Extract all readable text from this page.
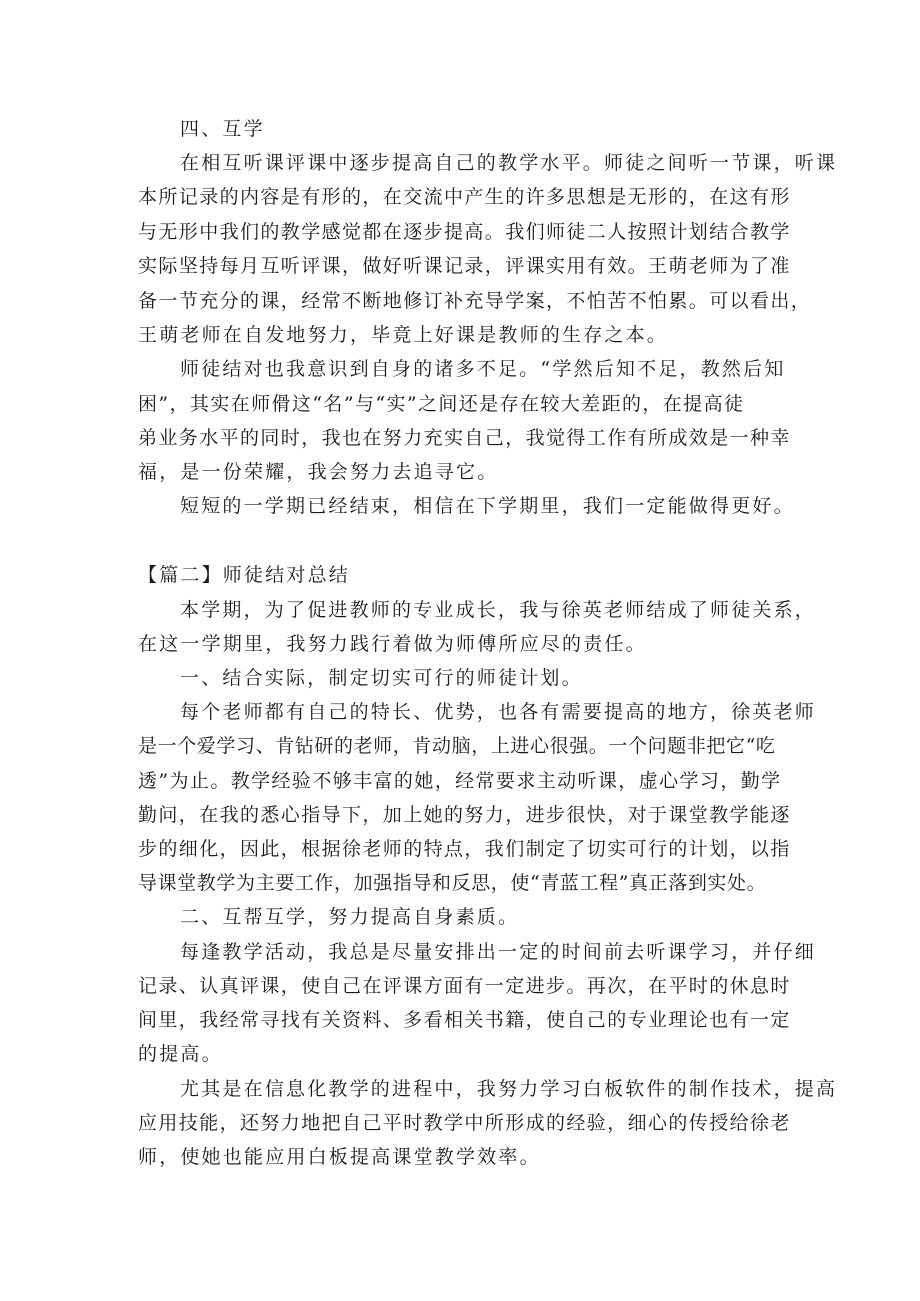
四、互学
在相互听课评课中逐步提高自己的教学水平。师徒之间听一节课，听课
本所记录的内容是有形的，在交流中产生的许多思想是无形的，在这有形
与无形中我们的教学感觉都在逐步提高。我们师徒二人按照计划结合教学
实际坚持每月互听评课，做好听课记录，评课实用有效。王萌老师为了准
备一节充分的课，经常不断地修订补充导学案，不怕苦不怕累。可以看出，
王萌老师在自发地努力，毕竟上好课是教师的生存之本。
师徒结对也我意识到自身的诸多不足。“学然后知不足，教然后知
困”，其实在师傦这“名”与“实”之间还是存在较大差距的，在提高徒
弟业务水平的同时，我也在努力充实自己，我觉得工作有所成效是一种幸
福，是一份荣耀，我会努力去追寻它。
短短的一学期已经结束，相信在下学期里，我们一定能做得更好。
【篇二】师徒结对总结
本学期，为了促进教师的专业成长，我与徐英老师结成了师徒关系，
在这一学期里，我努力践行着做为师傅所应尽的责任。
一、结合实际，制定切实可行的师徒计划。
每个老师都有自己的特长、优势，也各有需要提高的地方，徐英老师
是一个爱学习、肯钻研的老师，肯动脑，上进心很强。一个问题非把它“吃
透”为止。教学经验不够丰富的她，经常要求主动听课，虚心学习，勤学
勤问，在我的悉心指导下，加上她的努力，进步很快，对于课堂教学能逐
步的细化，因此，根据徐老师的特点，我们制定了切实可行的计划，以指
导课堂教学为主要工作，加强指导和反思，使“青蓝工程”真正落到实处。
二、互帮互学，努力提高自身素质。
每逢教学活动，我总是尽量安排出一定的时间前去听课学习，并仔细
记录、认真评课，使自己在评课方面有一定进步。再次，在平时的休息时
间里，我经常寻找有关资料、多看相关书籍，使自己的专业理论也有一定
的提高。
尤其是在信息化教学的进程中，我努力学习白板软件的制作技术，提高
应用技能，还努力地把自己平时教学中所形成的经验，细心的传授给徐老
师，使她也能应用白板提高课堂教学效率。
